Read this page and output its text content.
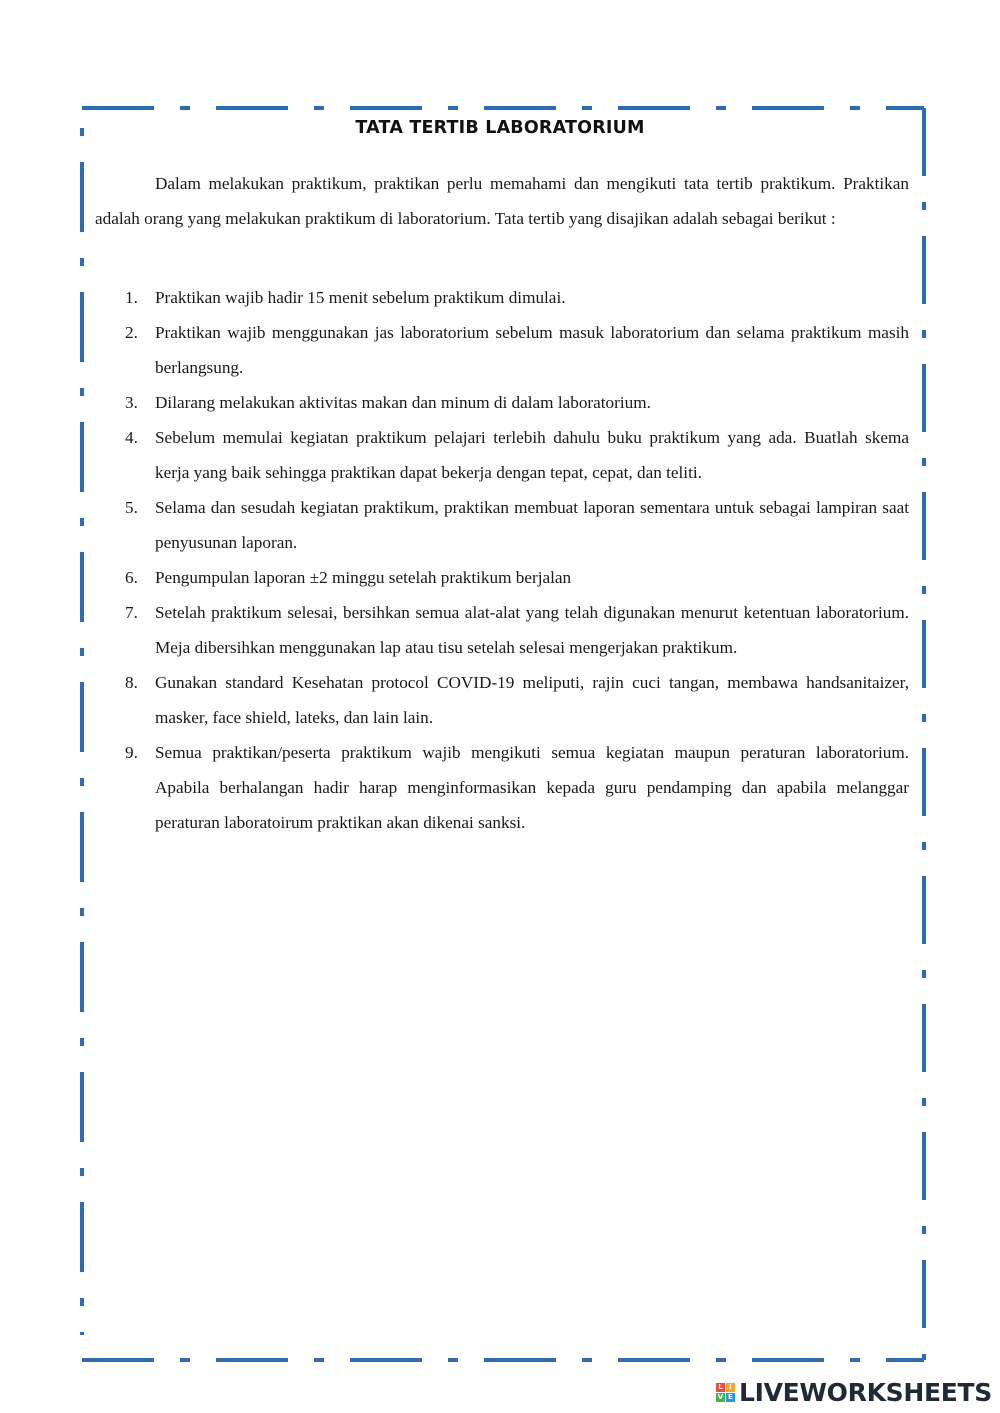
TATA TERTIB LABORATORIUM

Dalam melakukan praktikum, praktikan perlu memahami dan mengikuti tata tertib praktikum. Praktikan adalah orang yang melakukan praktikum di laboratorium. Tata tertib yang disajikan adalah sebagai berikut :

1. Praktikan wajib hadir 15 menit sebelum praktikum dimulai.
2. Praktikan wajib menggunakan jas laboratorium sebelum masuk laboratorium dan selama praktikum masih berlangsung.
3. Dilarang melakukan aktivitas makan dan minum di dalam laboratorium.
4. Sebelum memulai kegiatan praktikum pelajari terlebih dahulu buku praktikum yang ada. Buatlah skema kerja yang baik sehingga praktikan dapat bekerja dengan tepat, cepat, dan teliti.
5. Selama dan sesudah kegiatan praktikum, praktikan membuat laporan sementara untuk sebagai lampiran saat penyusunan laporan.
6. Pengumpulan laporan ±2 minggu setelah praktikum berjalan
7. Setelah praktikum selesai, bersihkan semua alat-alat yang telah digunakan menurut ketentuan laboratorium. Meja dibersihkan menggunakan lap atau tisu setelah selesai mengerjakan praktikum.
8. Gunakan standard Kesehatan protocol COVID-19 meliputi, rajin cuci tangan, membawa handsanitaizer, masker, face shield, lateks, dan lain lain.
9. Semua praktikan/peserta praktikum wajib mengikuti semua kegiatan maupun peraturan laboratorium. Apabila berhalangan hadir harap menginformasikan kepada guru pendamping dan apabila melanggar peraturan laboratoirum praktikan akan dikenai sanksi.
L I
V E LIVEWORKSHEETS
